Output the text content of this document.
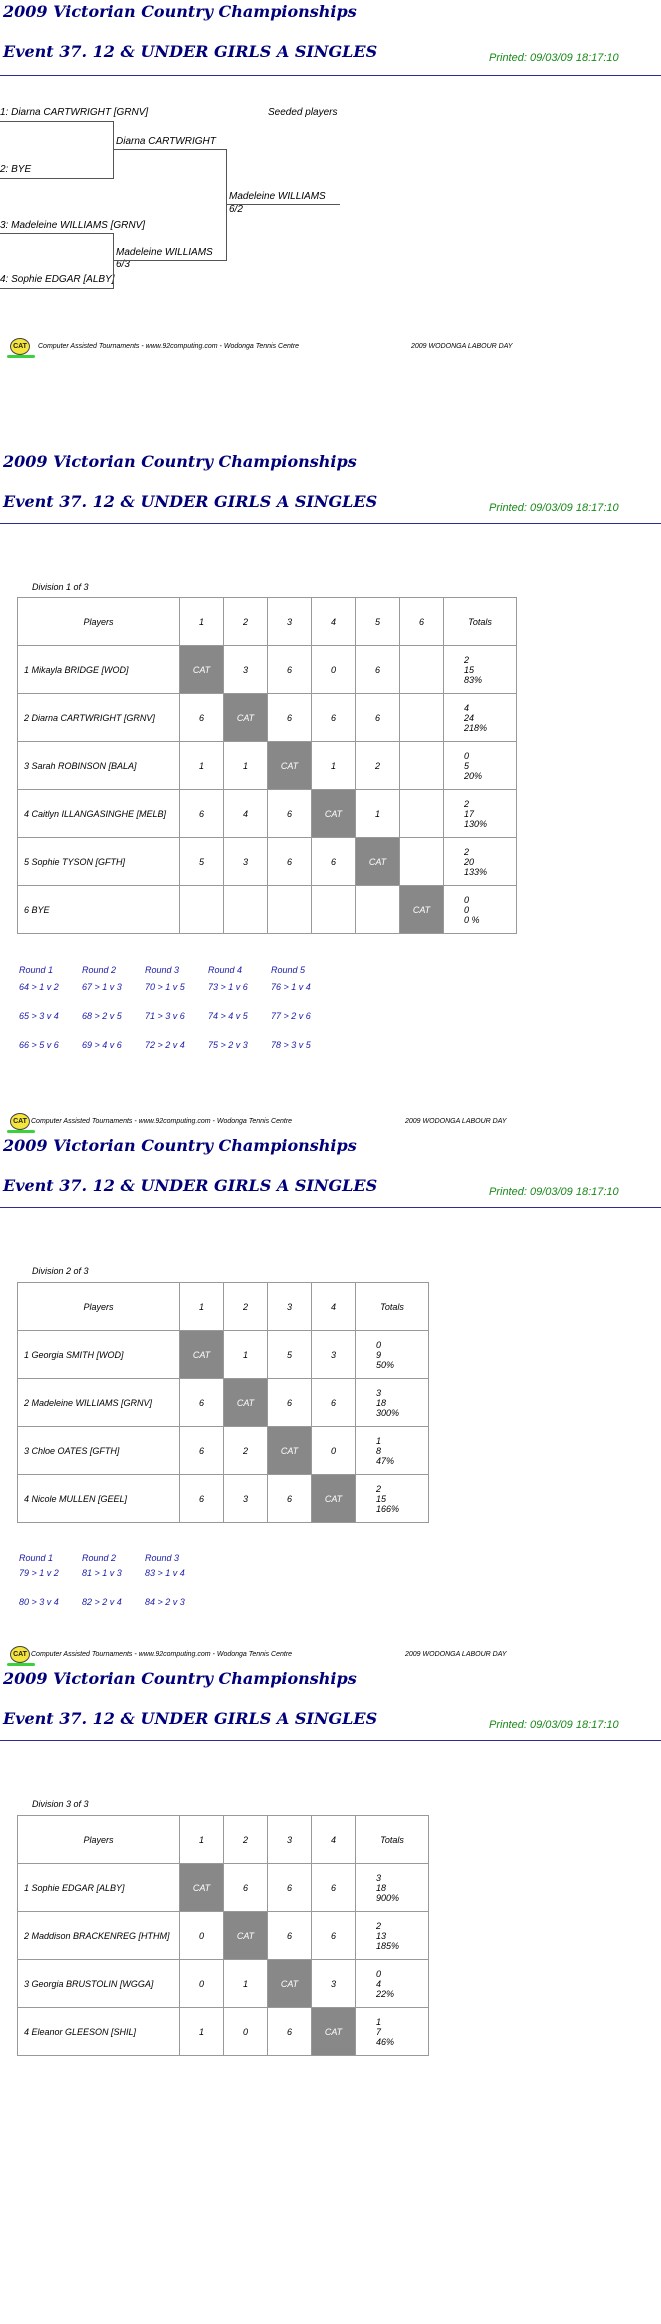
2009 Victorian Country Championships
Event 37. 12 & UNDER GIRLS A SINGLES	Printed: 09/03/09 18:17:10
1: Diarna CARTWRIGHT [GRNV]	Seeded players
2: BYE
3: Madeleine WILLIAMS [GRNV]
4: Sophie EDGAR [ALBY]
Diarna CARTWRIGHT
Madeleine WILLIAMS
6/3
Madeleine WILLIAMS
6/2
CAT	Computer Assisted Tournaments - www.92computing.com - Wodonga Tennis Centre	2009 WODONGA LABOUR DAY
2009 Victorian Country Championships
Event 37. 12 & UNDER GIRLS A SINGLES	Printed: 09/03/09 18:17:10
Division 1 of 3
Players	1	2	3	4	5	6	Totals
1 Mikayla BRIDGE [WOD]	CAT	3	6	0	6		2
15
83%

2 Diarna CARTWRIGHT [GRNV]	6	CAT	6	6	6		4
24
218%

3 Sarah ROBINSON [BALA]	1	1	CAT	1	2		0
5
20%

4 Caitlyn ILLANGASINGHE [MELB]	6	4	6	CAT	1		2
17
130%

5 Sophie TYSON [GFTH]	5	3	6	6	CAT		2
20
133%

6 BYE						CAT	0
0
0 %
Round 1
64 > 1 v 2
65 > 3 v 4
66 > 5 v 6
Round 2
67 > 1 v 3
68 > 2 v 5
69 > 4 v 6
Round 3
70 > 1 v 5
71 > 3 v 6
72 > 2 v 4
Round 4
73 > 1 v 6
74 > 4 v 5
75 > 2 v 3
Round 5
76 > 1 v 4
77 > 2 v 6
78 > 3 v 5
CAT Computer Assisted Tournaments - www.92computing.com - Wodonga Tennis Centre	2009 WODONGA LABOUR DAY
2009 Victorian Country Championships
Event 37. 12 & UNDER GIRLS A SINGLES	Printed: 09/03/09 18:17:10
Division 2 of 3
Players	1	2	3	4	Totals
1 Georgia SMITH [WOD]	CAT	1	5	3	0
9
50%

2 Madeleine WILLIAMS [GRNV]	6	CAT	6	6	3
18
300%

3 Chloe OATES [GFTH]	6	2	CAT	0	1
8
47%

4 Nicole MULLEN [GEEL]	6	3	6	CAT	2
15
166%
Round 1
79 > 1 v 2
80 > 3 v 4
Round 2
81 > 1 v 3
82 > 2 v 4
Round 3
83 > 1 v 4
84 > 2 v 3
CAT Computer Assisted Tournaments - www.92computing.com - Wodonga Tennis Centre	2009 WODONGA LABOUR DAY
2009 Victorian Country Championships
Event 37. 12 & UNDER GIRLS A SINGLES	Printed: 09/03/09 18:17:10
Division 3 of 3
Players	1	2	3	4	Totals
1 Sophie EDGAR [ALBY]	CAT	6	6	6	3
18
900%

2 Maddison BRACKENREG [HTHM]	0	CAT	6	6	2
13
185%

3 Georgia BRUSTOLIN [WGGA]	0	1	CAT	3	0
4
22%

4 Eleanor GLEESON [SHIL]	1	0	6	CAT	1
7
46%
